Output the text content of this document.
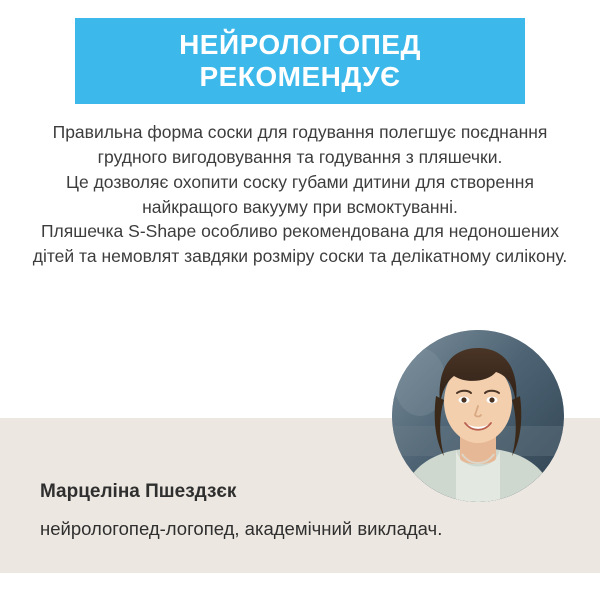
НЕЙРОЛОГОПЕД РЕКОМЕНДУЄ

Правильна форма соски для годування полегшує поєднання грудного вигодовування та годування з пляшечки.

Це дозволяє охопити соску губами дитини для створення найкращого вакууму при всмоктуванні.

Пляшечка S-Shape особливо рекомендована для недоношених дітей та немовлят завдяки розміру соски та делікатному силікону.

Марцеліна Пшездзєк
нейрологопед-логопед, академічний викладач.
